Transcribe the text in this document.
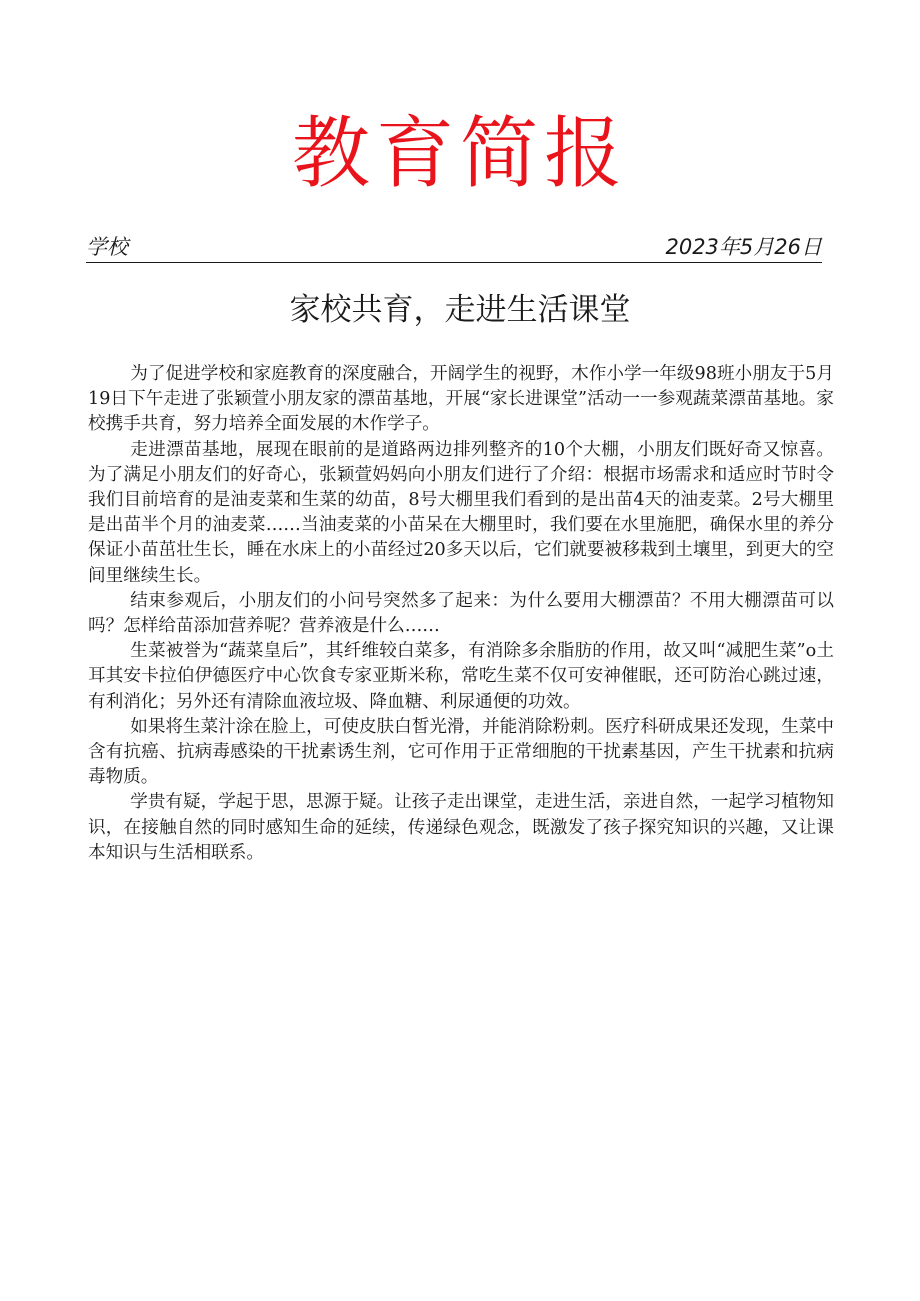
教育简报
学校	2023年5月26日
家校共育，走进生活课堂

为了促进学校和家庭教育的深度融合，开阔学生的视野，木作小学一年级98班小朋友于5月19日下午走进了张颖萱小朋友家的漂苗基地，开展“家长进课堂”活动一一参观蔬菜漂苗基地。家校携手共育，努力培养全面发展的木作学子。

走进漂苗基地，展现在眼前的是道路两边排列整齐的10个大棚，小朋友们既好奇又惊喜。为了满足小朋友们的好奇心，张颖萱妈妈向小朋友们进行了介绍：根据市场需求和适应时节时令我们目前培育的是油麦菜和生菜的幼苗，8号大棚里我们看到的是出苗4天的油麦菜。2号大棚里是出苗半个月的油麦菜……当油麦菜的小苗呆在大棚里时，我们要在水里施肥，确保水里的养分保证小苗茁壮生长，睡在水床上的小苗经过20多天以后，它们就要被移栽到土壤里，到更大的空间里继续生长。

结束参观后，小朋友们的小问号突然多了起来：为什么要用大棚漂苗？不用大棚漂苗可以吗？怎样给苗添加营养呢？营养液是什么……

生菜被誉为“蔬菜皇后”，其纤维较白菜多，有消除多余脂肪的作用，故又叫“减肥生菜”o土耳其安卡拉伯伊德医疗中心饮食专家亚斯米称，常吃生菜不仅可安神催眠，还可防治心跳过速，有利消化；另外还有清除血液垃圾、降血糖、利尿通便的功效。

如果将生菜汁涂在脸上，可使皮肤白皙光滑，并能消除粉刺。医疗科研成果还发现，生菜中含有抗癌、抗病毒感染的干扰素诱生剂，它可作用于正常细胞的干扰素基因，产生干扰素和抗病毒物质。

学贵有疑，学起于思，思源于疑。让孩子走出课堂，走进生活，亲进自然，一起学习植物知识，在接触自然的同时感知生命的延续，传递绿色观念，既激发了孩子探究知识的兴趣，又让课本知识与生活相联系。
